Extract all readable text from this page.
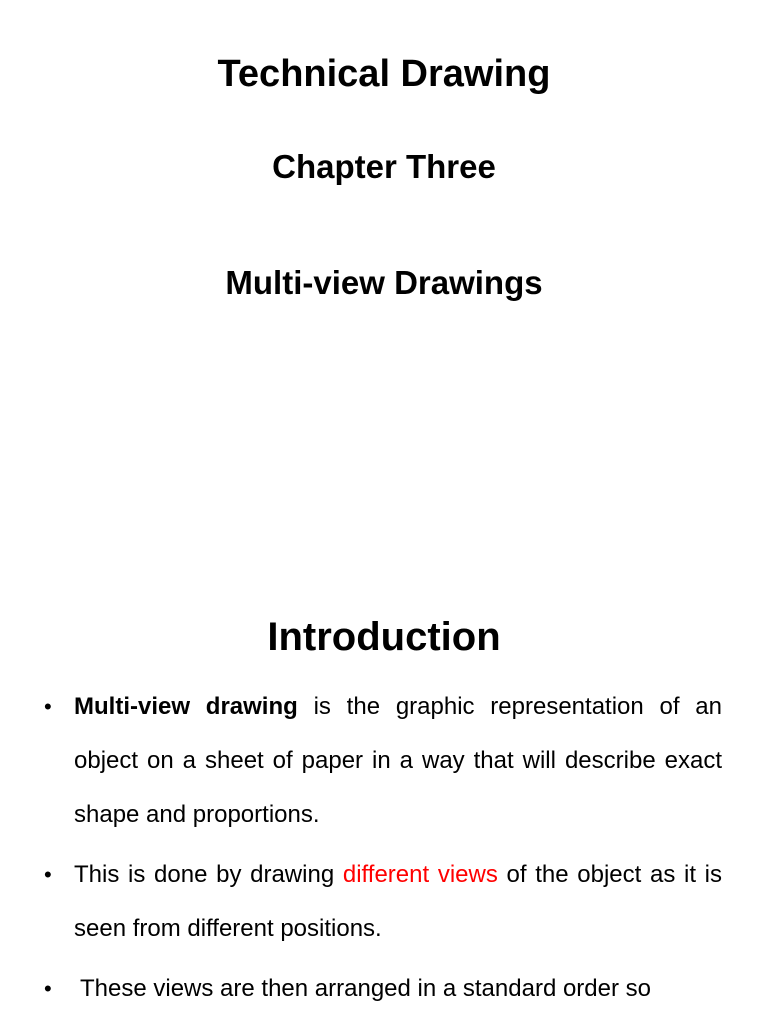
Technical Drawing
Chapter Three
Multi-view Drawings
Introduction
• Multi-view drawing is the graphic representation of an object on a sheet of paper in a way that will describe exact shape and proportions.
• This is done by drawing different views of the object as it is seen from different positions.
• These views are then arranged in a standard order so
